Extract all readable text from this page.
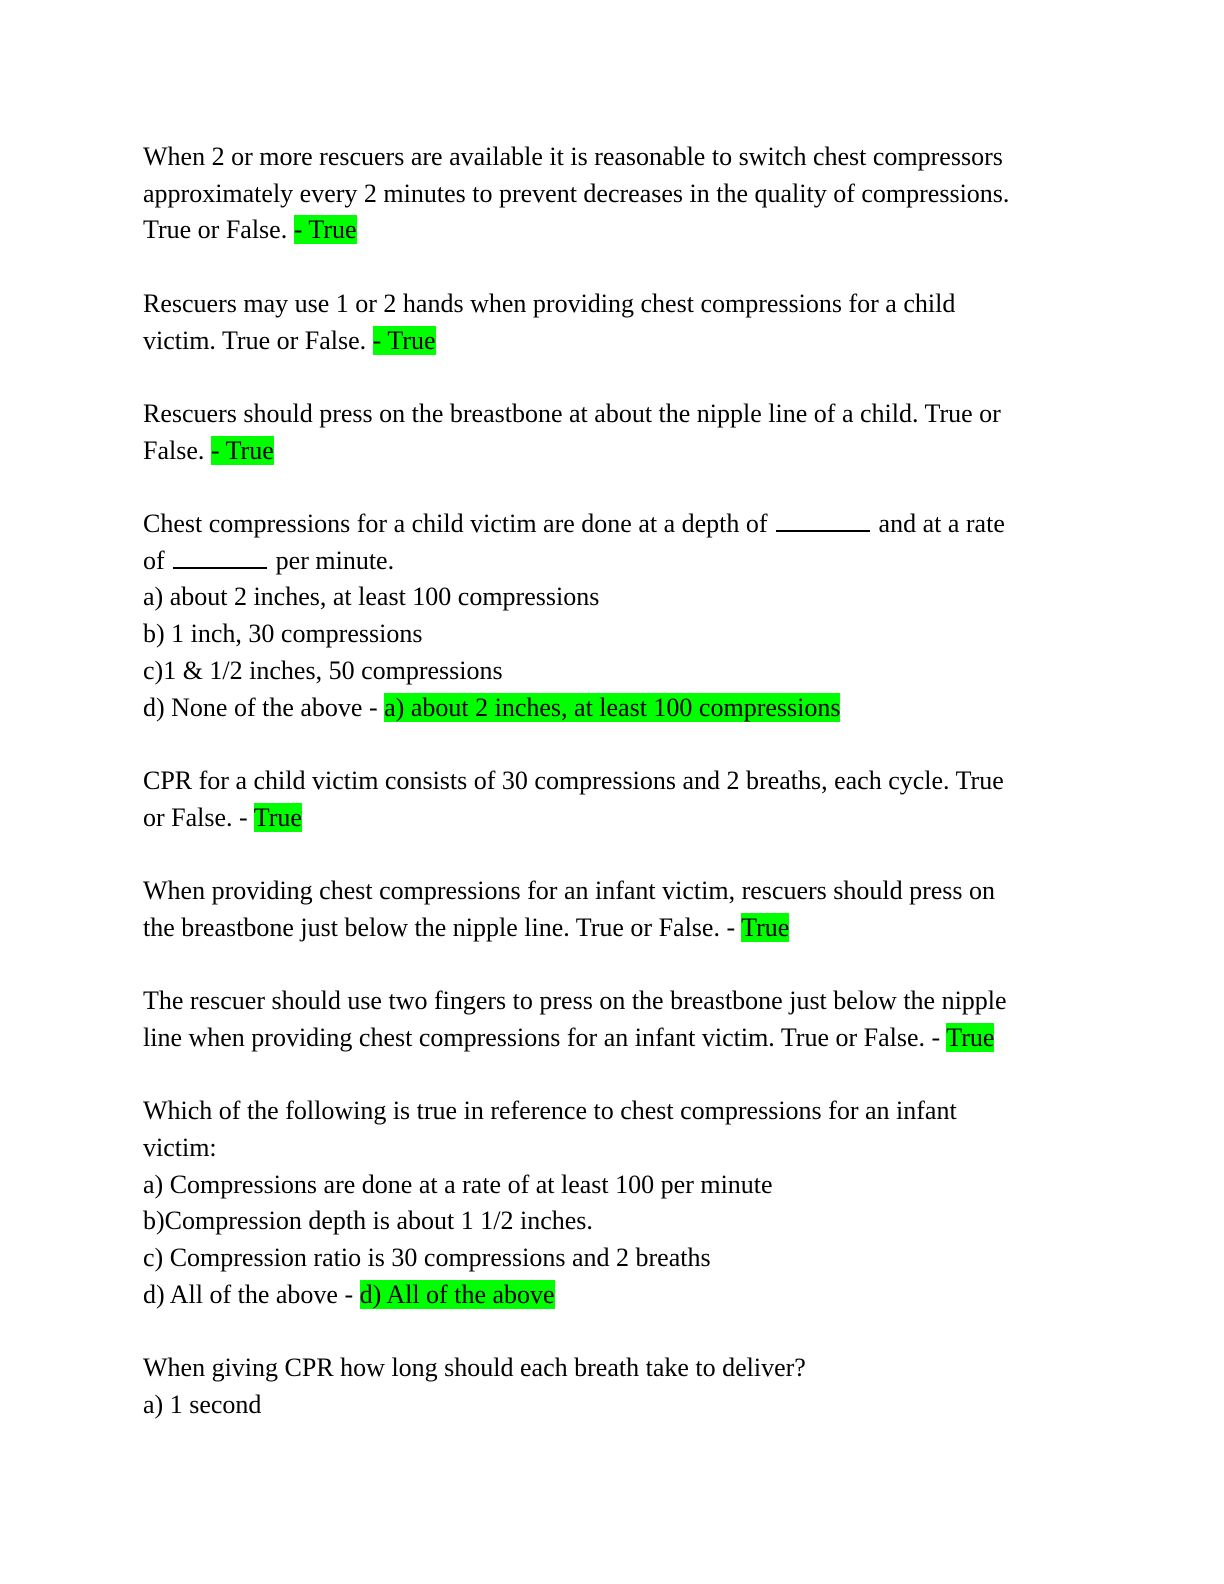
When 2 or more rescuers are available it is reasonable to switch chest compressors
approximately every 2 minutes to prevent decreases in the quality of compressions.
True or False. - True
Rescuers may use 1 or 2 hands when providing chest compressions for a child
victim. True or False. - True
Rescuers should press on the breastbone at about the nipple line of a child. True or
False. - True
Chest compressions for a child victim are done at a depth of	and at a rate
of	per minute.
a) about 2 inches, at least 100 compressions
b) 1 inch, 30 compressions
c)1 & 1/2 inches, 50 compressions
d) None of the above - a) about 2 inches, at least 100 compressions
CPR for a child victim consists of 30 compressions and 2 breaths, each cycle. True
or False. - True
When providing chest compressions for an infant victim, rescuers should press on
the breastbone just below the nipple line. True or False. - True
The rescuer should use two fingers to press on the breastbone just below the nipple
line when providing chest compressions for an infant victim. True or False. - True
Which of the following is true in reference to chest compressions for an infant
victim:
a) Compressions are done at a rate of at least 100 per minute
b)Compression depth is about 1 1/2 inches.
c) Compression ratio is 30 compressions and 2 breaths
d) All of the above - d) All of the above
When giving CPR how long should each breath take to deliver?
a) 1 second
